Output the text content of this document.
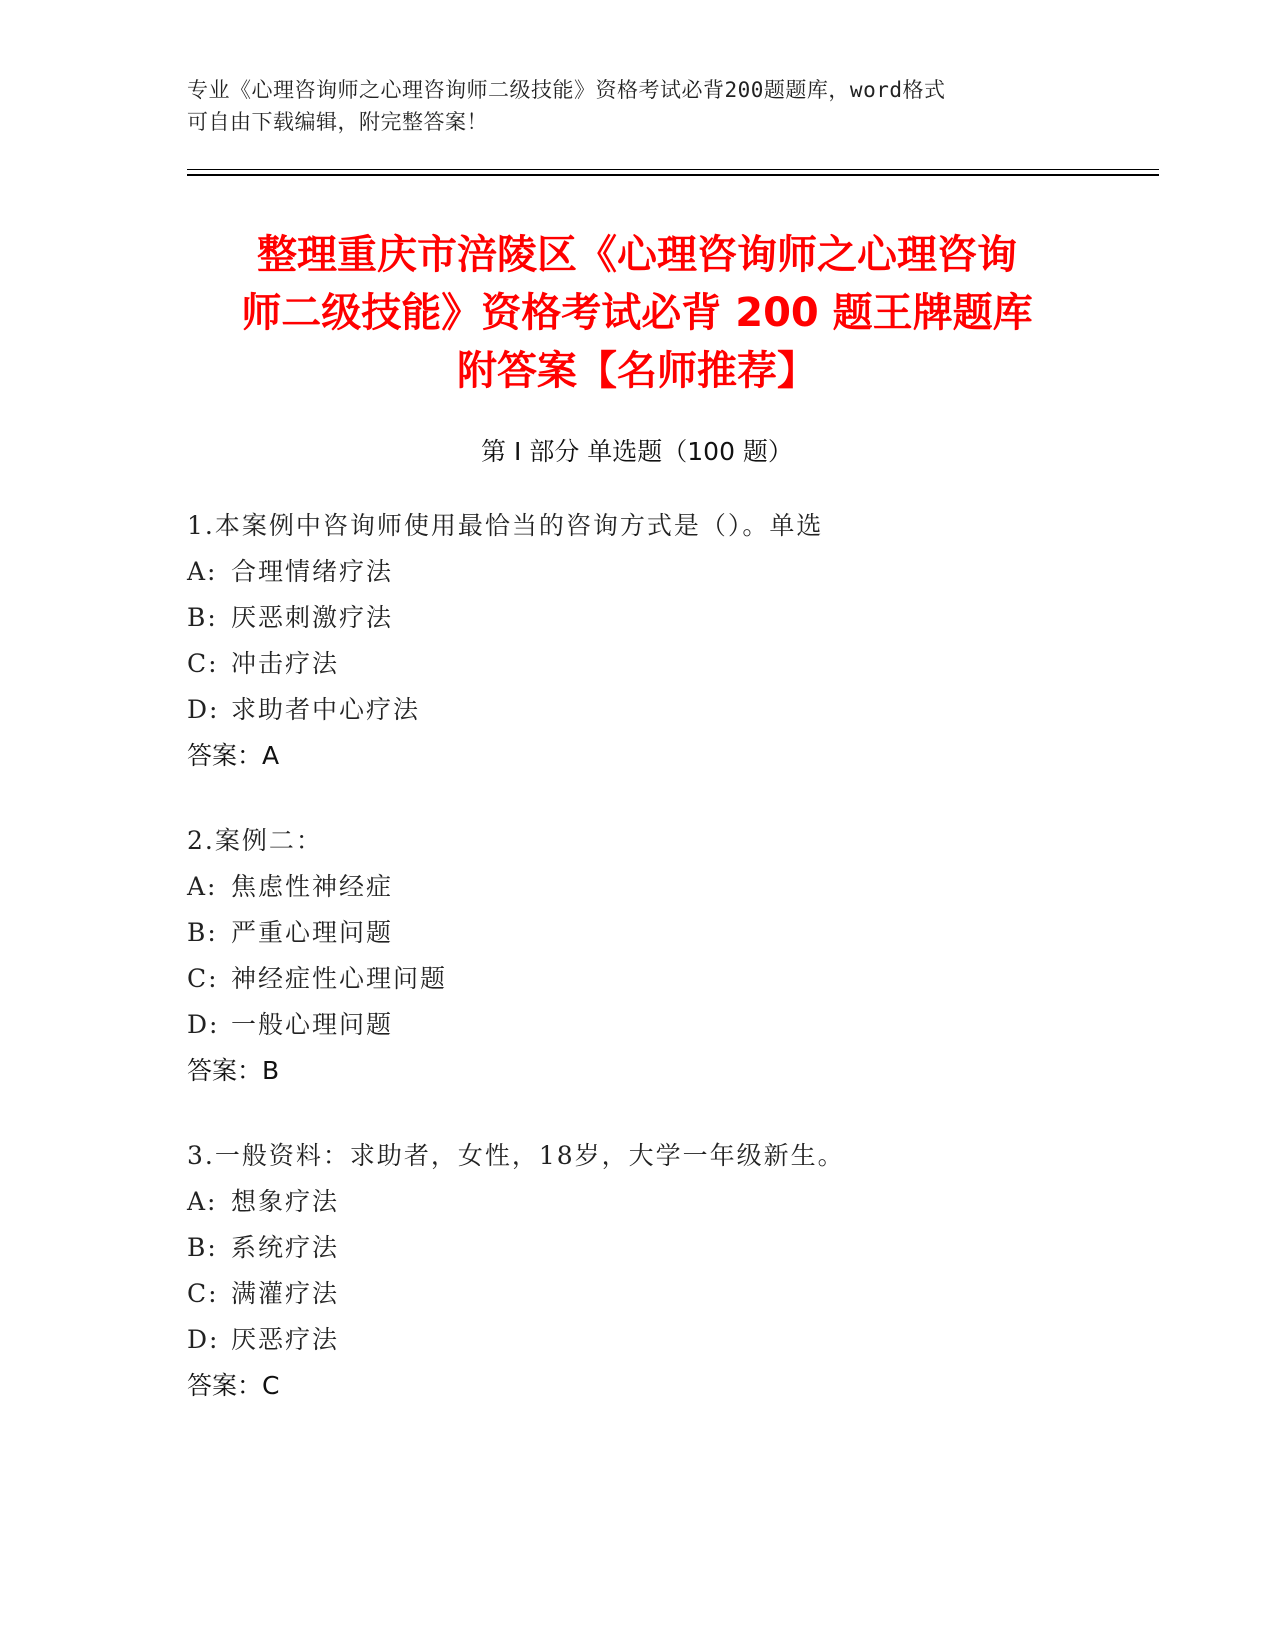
专业《心理咨询师之心理咨询师二级技能》资格考试必背200题题库，word格式
可自由下载编辑，附完整答案！
整理重庆市涪陵区《心理咨询师之心理咨询
师二级技能》资格考试必背 200 题王牌题库
附答案【名师推荐】
第 I 部分 单选题（100 题）
1.本案例中咨询师使用最恰当的咨询方式是（）。单选
A: 合理情绪疗法
B: 厌恶刺激疗法
C: 冲击疗法
D: 求助者中心疗法
答案：A
2.案例二：
A: 焦虑性神经症
B: 严重心理问题
C: 神经症性心理问题
D: 一般心理问题
答案：B
3.一般资料：求助者，女性，18岁，大学一年级新生。
A: 想象疗法
B: 系统疗法
C: 满灌疗法
D: 厌恶疗法
答案：C
